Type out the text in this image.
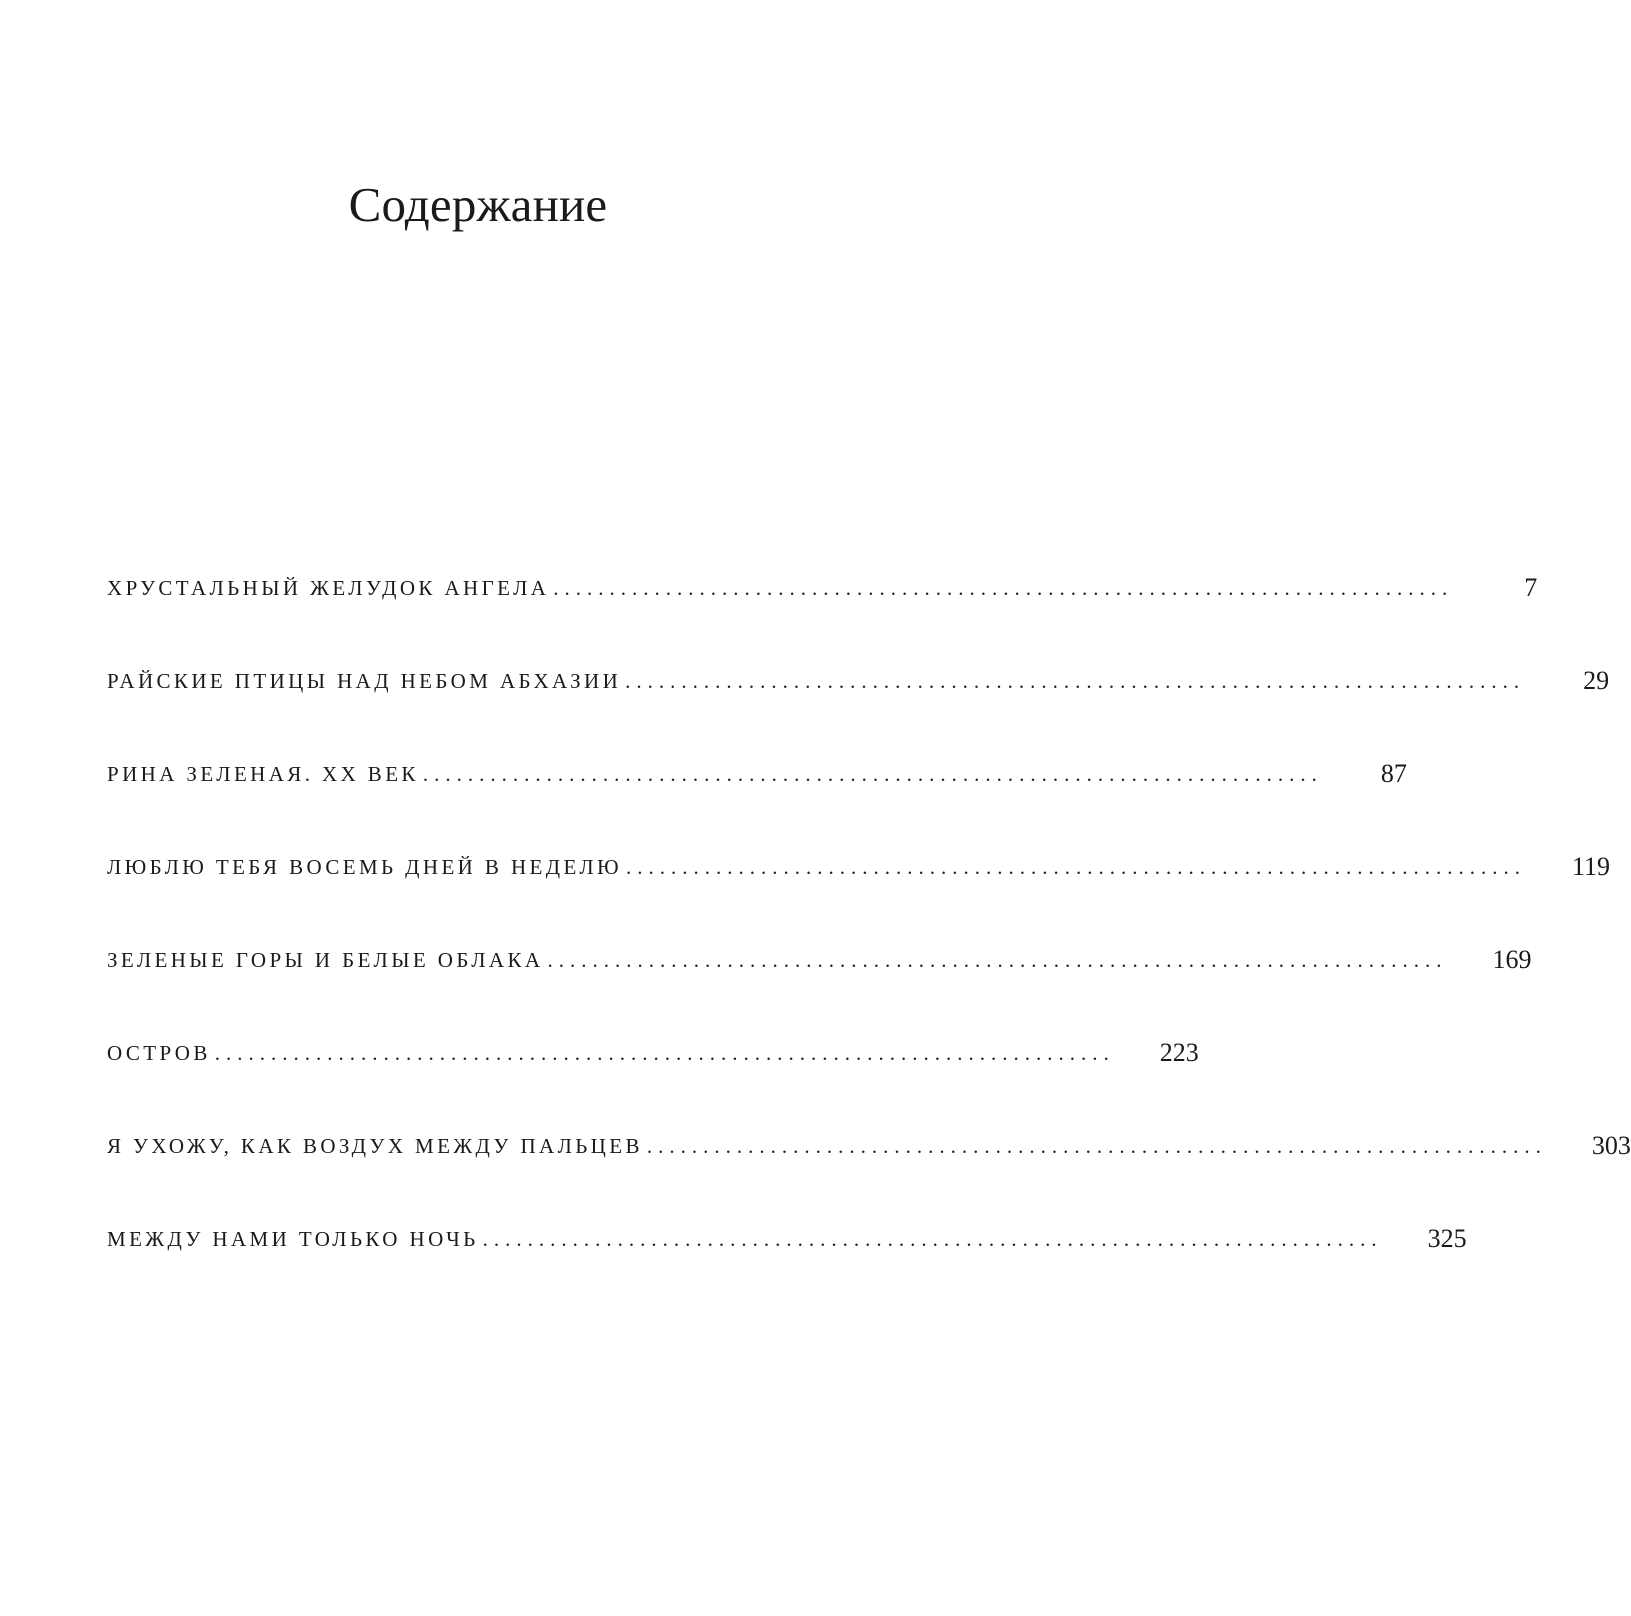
Содержание
ХРУСТАЛЬНЫЙ ЖЕЛУДОК АНГЕЛА ................................................................................	7
РАЙСКИЕ ПТИЦЫ НАД НЕБОМ АБХАЗИИ ................................................................................	29
РИНА ЗЕЛЕНАЯ. XX ВЕК ................................................................................	87
ЛЮБЛЮ ТЕБЯ ВОСЕМЬ ДНЕЙ В НЕДЕЛЮ ................................................................................	119
ЗЕЛЕНЫЕ ГОРЫ И БЕЛЫЕ ОБЛАКА ................................................................................	169
ОСТРОВ ................................................................................	223
Я УХОЖУ, КАК ВОЗДУХ МЕЖДУ ПАЛЬЦЕВ ................................................................................	303
МЕЖДУ НАМИ ТОЛЬКО НОЧЬ ................................................................................	325
